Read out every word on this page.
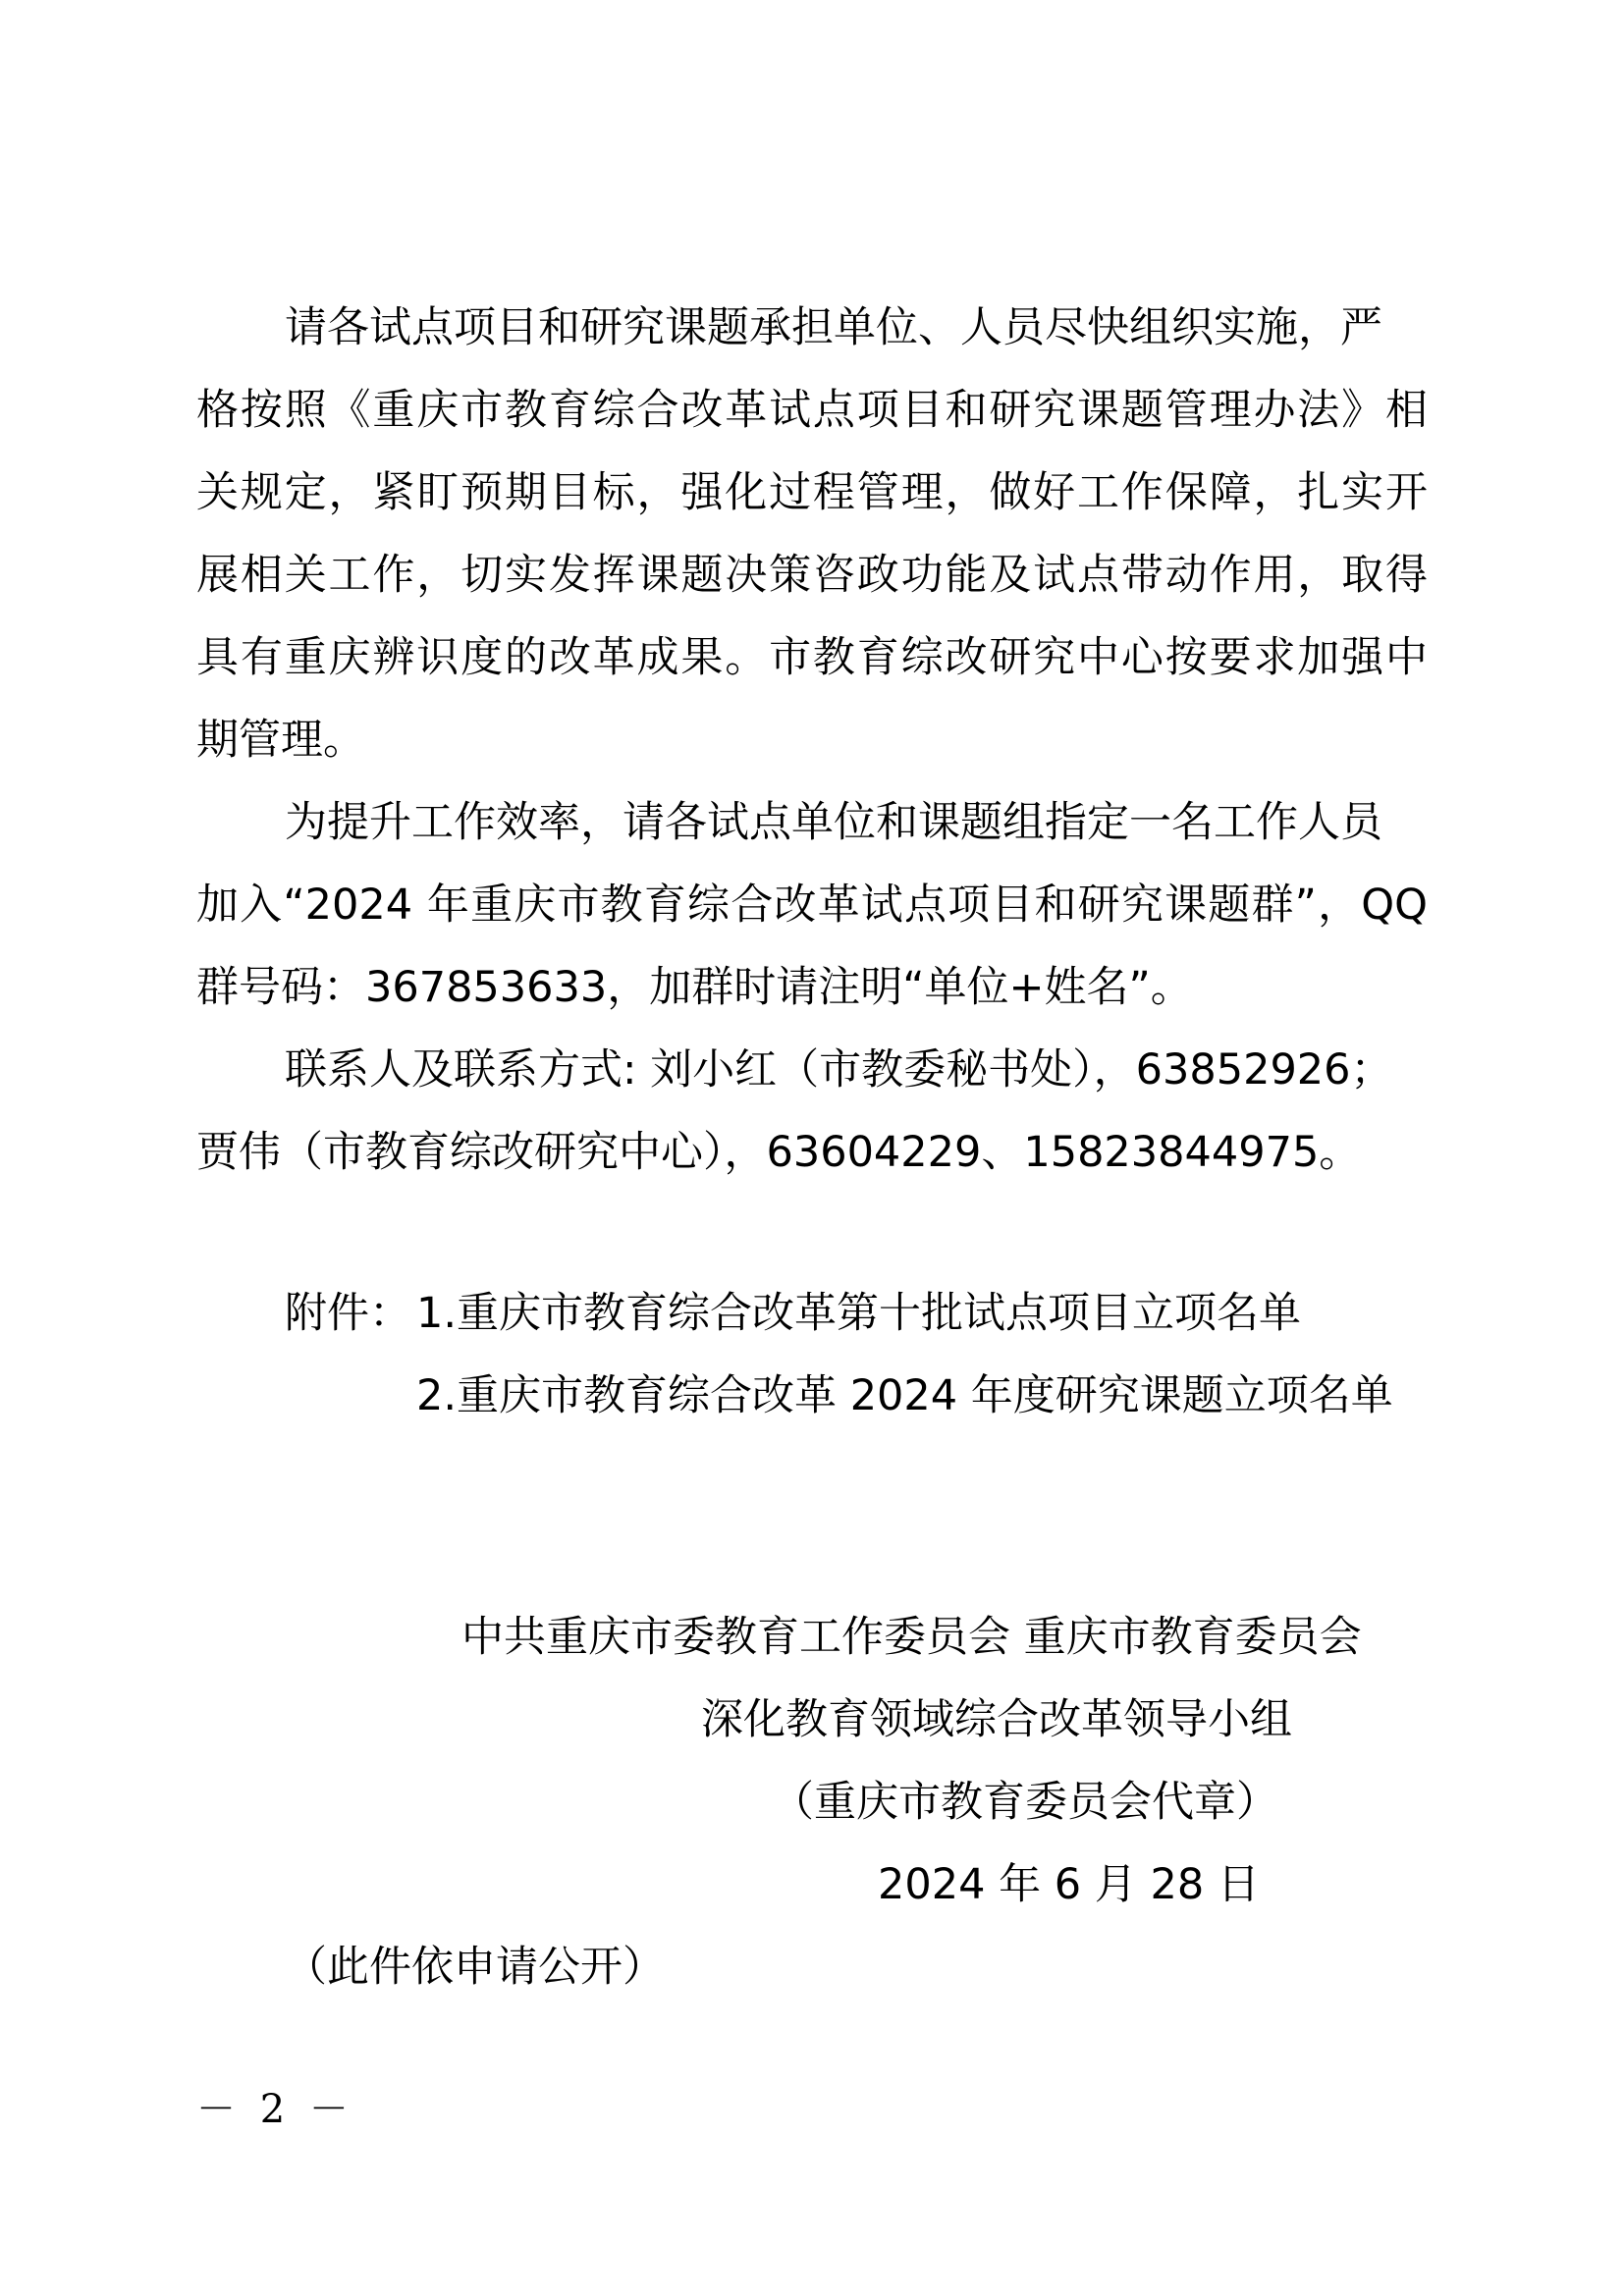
请各试点项目和研究课题承担单位、人员尽快组织实施，严
格按照《重庆市教育综合改革试点项目和研究课题管理办法》相
关规定，紧盯预期目标，强化过程管理，做好工作保障，扎实开
展相关工作，切实发挥课题决策咨政功能及试点带动作用，取得
具有重庆辨识度的改革成果。市教育综改研究中心按要求加强中
期管理。
为提升工作效率，请各试点单位和课题组指定一名工作人员
加入“2024 年重庆市教育综合改革试点项目和研究课题群”，QQ
群号码：367853633，加群时请注明“单位+姓名”。
联系人及联系方式: 刘小红（市教委秘书处），63852926；
贾伟（市教育综改研究中心），63604229、15823844975。
附件： 1.重庆市教育综合改革第十批试点项目立项名单
2.重庆市教育综合改革 2024 年度研究课题立项名单
中共重庆市委教育工作委员会 重庆市教育委员会
深化教育领域综合改革领导小组
（重庆市教育委员会代章）
2024 年 6 月 28 日
（此件依申请公开）
－ 2 －
